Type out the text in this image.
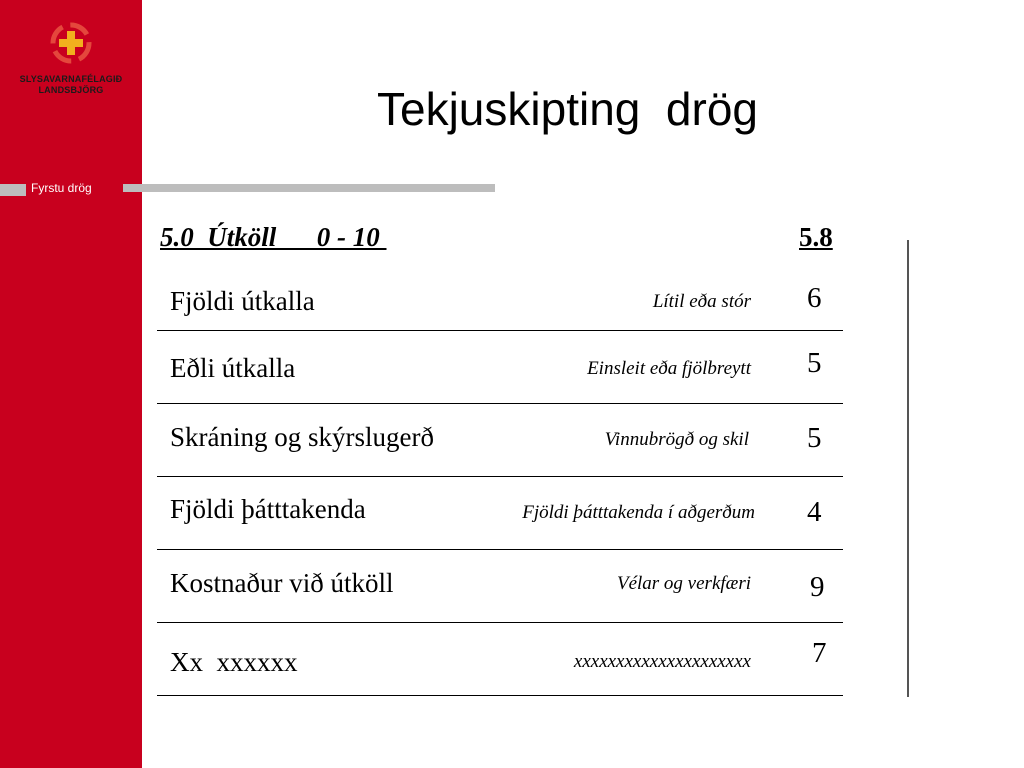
SLYSAVARNAFÉLAGIÐ
LANDSBJÖRG
Fyrstu drög
Tekjuskipting  drög
5.0  Útköll      0 - 10	5.8
Fjöldi útkalla	Lítil eða stór 6
Eðli útkalla	Einsleit eða fjölbreytt 5
Skráning og skýrslugerð	Vinnubrögð og skil 5
Fjöldi þátttakenda	Fjöldi þátttakenda í aðgerðum 4
Kostnaður við útköll	Vélar og verkfæri 9
Xx  xxxxxx	xxxxxxxxxxxxxxxxxxxxx 7
